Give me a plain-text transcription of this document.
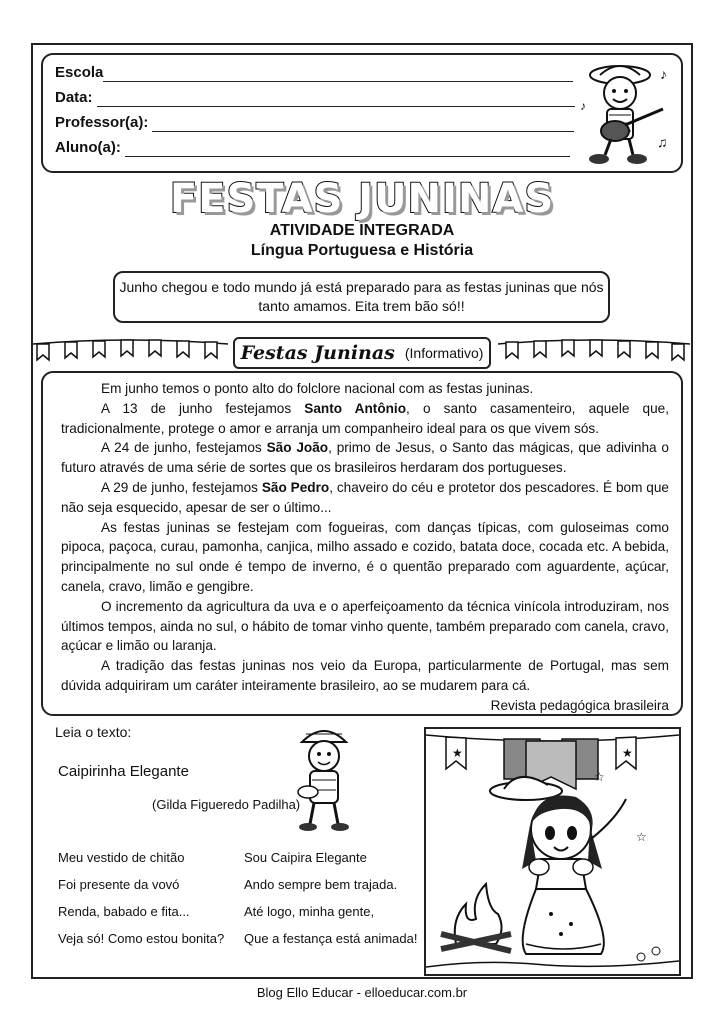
Escola
Data:
Professor(a):
Aluno(a):
♪
♪
♫
FESTAS JUNINAS
ATIVIDADE INTEGRADA
Língua Portuguesa e História
Junho chegou e todo mundo já está preparado para as festas juninas que nós
tanto amamos. Eita trem bão só!!
Festas Juninas (Informativo)

Em junho temos o ponto alto do folclore nacional com as festas juninas.

A 13 de junho festejamos Santo Antônio, o santo casamenteiro, aquele que, tradicionalmente, protege o amor e arranja um companheiro ideal para os que vivem sós.

A 24 de junho, festejamos São João, primo de Jesus, o Santo das mágicas, que adivinha o futuro através de uma série de sortes que os brasileiros herdaram dos portugueses.

A 29 de junho, festejamos São Pedro, chaveiro do céu e protetor dos pescadores. É bom que não seja esquecido, apesar de ser o último...

As festas juninas se festejam com fogueiras, com danças típicas, com guloseimas como pipoca, paçoca, curau, pamonha, canjica, milho assado e cozido, batata doce, cocada etc. A bebida, principalmente no sul onde é tempo de inverno, é o quentão preparado com aguardente, açúcar, canela, cravo, limão e gengibre.

O incremento da agricultura da uva e o aperfeiçoamento da técnica vinícola introduziram, nos últimos tempos, ainda no sul, o hábito de tomar vinho quente, também preparado com canela, cravo, açúcar e limão ou laranja.

A tradição das festas juninas nos veio da Europa, particularmente de Portugal, mas sem dúvida adquiriram um caráter inteiramente brasileiro, ao se mudarem para cá.

Revista pedagógica brasileira

Leia o texto:
Caipirinha Elegante
(Gilda Figueredo Padilha)
Meu vestido de chitão
Foi presente da vovó
Renda, babado e fita...
Veja só! Como estou bonita?
Sou Caipira Elegante
Ando sempre bem trajada.
Até logo, minha gente,
Que a festança está animada!
★	★
☆
☆
Blog Ello Educar - elloeducar.com.br
